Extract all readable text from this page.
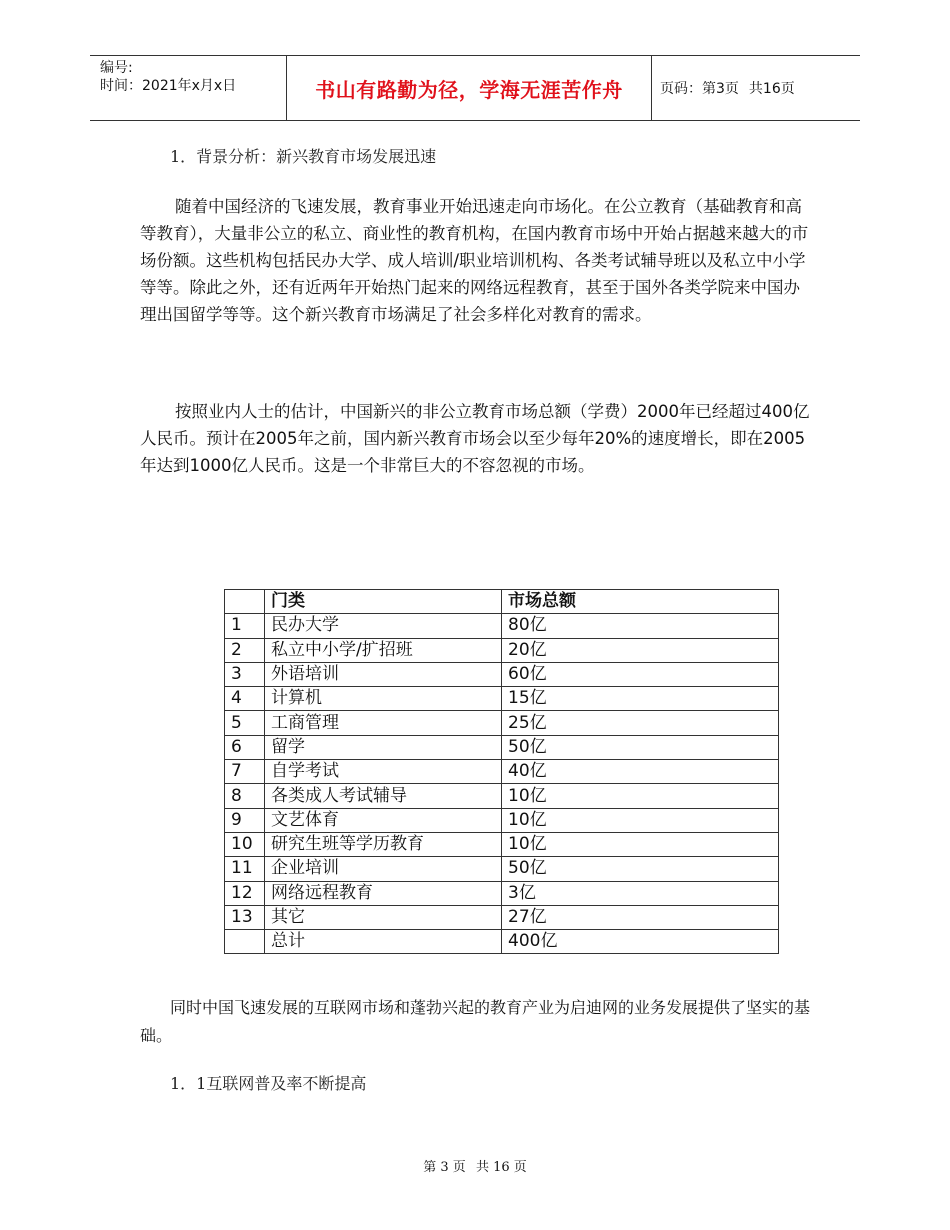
编号:
时间：2021年x月x日	书山有路勤为径，学海无涯苦作舟	页码：第3页 共16页
1．背景分析：新兴教育市场发展迅速

随着中国经济的飞速发展，教育事业开始迅速走向市场化。在公立教育（基础教育和高等教育），大量非公立的私立、商业性的教育机构，在国内教育市场中开始占据越来越大的市场份额。这些机构包括民办大学、成人培训/职业培训机构、各类考试辅导班以及私立中小学等等。除此之外，还有近两年开始热门起来的网络远程教育，甚至于国外各类学院来中国办理出国留学等等。这个新兴教育市场满足了社会多样化对教育的需求。

按照业内人士的估计，中国新兴的非公立教育市场总额（学费）2000年已经超过400亿人民币。预计在2005年之前，国内新兴教育市场会以至少每年20%的速度增长，即在2005年达到1000亿人民币。这是一个非常巨大的不容忽视的市场。

	门类	市场总额
1	民办大学	80亿
2	私立中小学/扩招班	20亿
3	外语培训	60亿
4	计算机	15亿
5	工商管理	25亿
6	留学	50亿
7	自学考试	40亿
8	各类成人考试辅导	10亿
9	文艺体育	10亿
10	研究生班等学历教育	10亿
11	企业培训	50亿
12	网络远程教育	3亿
13	其它	27亿
	总计	400亿

同时中国飞速发展的互联网市场和蓬勃兴起的教育产业为启迪网的业务发展提供了坚实的基础。

1．1互联网普及率不断提高
第 3 页 共 16 页
